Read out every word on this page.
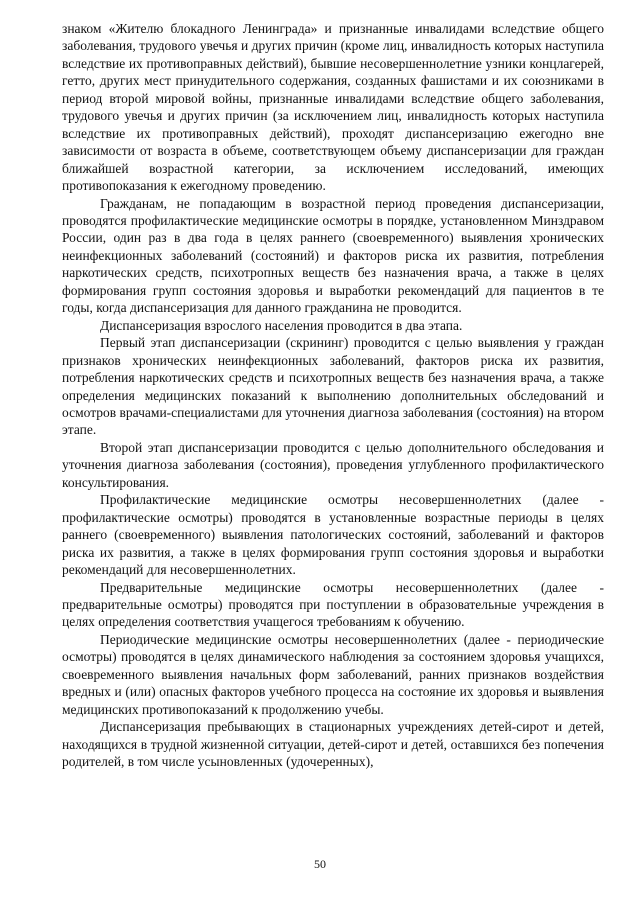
знаком «Жителю блокадного Ленинграда» и признанные инвалидами вследствие общего заболевания, трудового увечья и других причин (кроме лиц, инвалидность которых наступила вследствие их противоправных действий), бывшие несовершеннолетние узники концлагерей, гетто, других мест принудительного содержания, созданных фашистами и их союзниками в период второй мировой войны, признанные инвалидами вследствие общего заболевания, трудового увечья и других причин (за исключением лиц, инвалидность которых наступила вследствие их противоправных действий), проходят диспансеризацию ежегодно вне зависимости от возраста в объеме, соответствующем объему диспансеризации для граждан ближайшей возрастной категории, за исключением исследований, имеющих противопоказания к ежегодному проведению.

Гражданам, не попадающим в возрастной период проведения диспансеризации, проводятся профилактические медицинские осмотры в порядке, установленном Минздравом России, один раз в два года в целях раннего (своевременного) выявления хронических неинфекционных заболеваний (состояний) и факторов риска их развития, потребления наркотических средств, психотропных веществ без назначения врача, а также в целях формирования групп состояния здоровья и выработки рекомендаций для пациентов в те годы, когда диспансеризация для данного гражданина не проводится.

Диспансеризация взрослого населения проводится в два этапа.

Первый этап диспансеризации (скрининг) проводится с целью выявления у граждан признаков хронических неинфекционных заболеваний, факторов риска их развития, потребления наркотических средств и психотропных веществ без назначения врача, а также определения медицинских показаний к выполнению дополнительных обследований и осмотров врачами-специалистами для уточнения диагноза заболевания (состояния) на втором этапе.

Второй этап диспансеризации проводится с целью дополнительного обследования и уточнения диагноза заболевания (состояния), проведения углубленного профилактического консультирования.

Профилактические медицинские осмотры несовершеннолетних (далее - профилактические осмотры) проводятся в установленные возрастные периоды в целях раннего (своевременного) выявления патологических состояний, заболеваний и факторов риска их развития, а также в целях формирования групп состояния здоровья и выработки рекомендаций для несовершеннолетних.

Предварительные медицинские осмотры несовершеннолетних (далее - предварительные осмотры) проводятся при поступлении в образовательные учреждения в целях определения соответствия учащегося требованиям к обучению.

Периодические медицинские осмотры несовершеннолетних (далее - периодические осмотры) проводятся в целях динамического наблюдения за состоянием здоровья учащихся, своевременного выявления начальных форм заболеваний, ранних признаков воздействия вредных и (или) опасных факторов учебного процесса на состояние их здоровья и выявления медицинских противопоказаний к продолжению учебы.

Диспансеризация пребывающих в стационарных учреждениях детей-сирот и детей, находящихся в трудной жизненной ситуации, детей-сирот и детей, оставшихся без попечения родителей, в том числе усыновленных (удочеренных),

50
